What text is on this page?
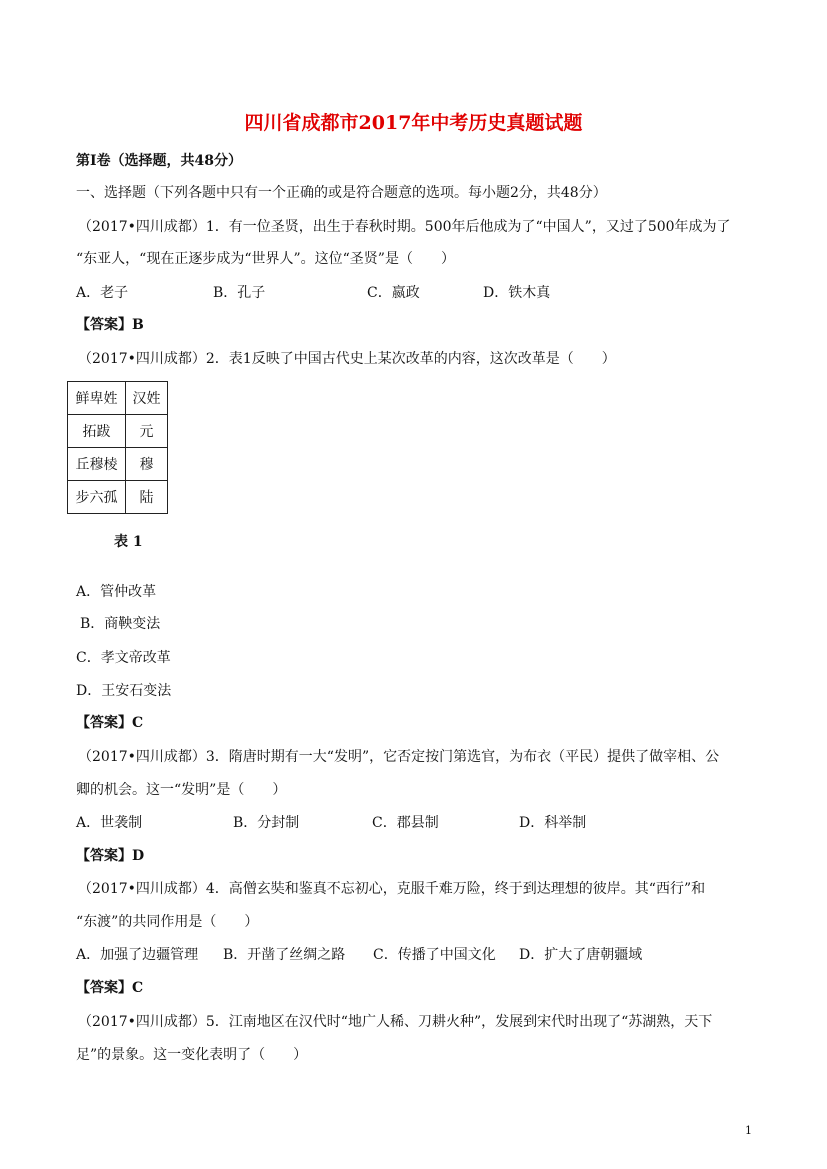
四川省成都市2017年中考历史真题试题
第Ⅰ卷（选择题，共48分）
一、选择题（下列各题中只有一个正确的或是符合题意的选项。每小题2分，共48分）
（2017•四川成都）1．有一位圣贤，出生于春秋时期。500年后他成为了“中国人”，又过了500年成为了
“东亚人，“现在正逐步成为“世界人”。这位“圣贤”是（　　）
A．老子	B．孔子	C．嬴政	D．铁木真
【答案】B
（2017•四川成都）2．表1反映了中国古代史上某次改革的内容，这次改革是（　　）
鲜卑姓	汉姓
拓跋	元
丘穆棱	穆
步六孤	陆
表 1
A．管仲改革
B．商鞅变法
C．孝文帝改革
D．王安石变法
【答案】C
（2017•四川成都）3．隋唐时期有一大“发明”，它否定按门第选官，为布衣（平民）提供了做宰相、公
卿的机会。这一“发明”是（　　）
A．世袭制	B．分封制	C．郡县制	D．科举制
【答案】D
（2017•四川成都）4．高僧玄奘和鉴真不忘初心，克服千难万险，终于到达理想的彼岸。其“西行”和
“东渡”的共同作用是（　　）
A．加强了边疆管理 B．开凿了丝绸之路 C．传播了中国文化 D．扩大了唐朝疆域
【答案】C
（2017•四川成都）5．江南地区在汉代时“地广人稀、刀耕火种”，发展到宋代时出现了“苏湖熟，天下
足”的景象。这一变化表明了（　　）
1
